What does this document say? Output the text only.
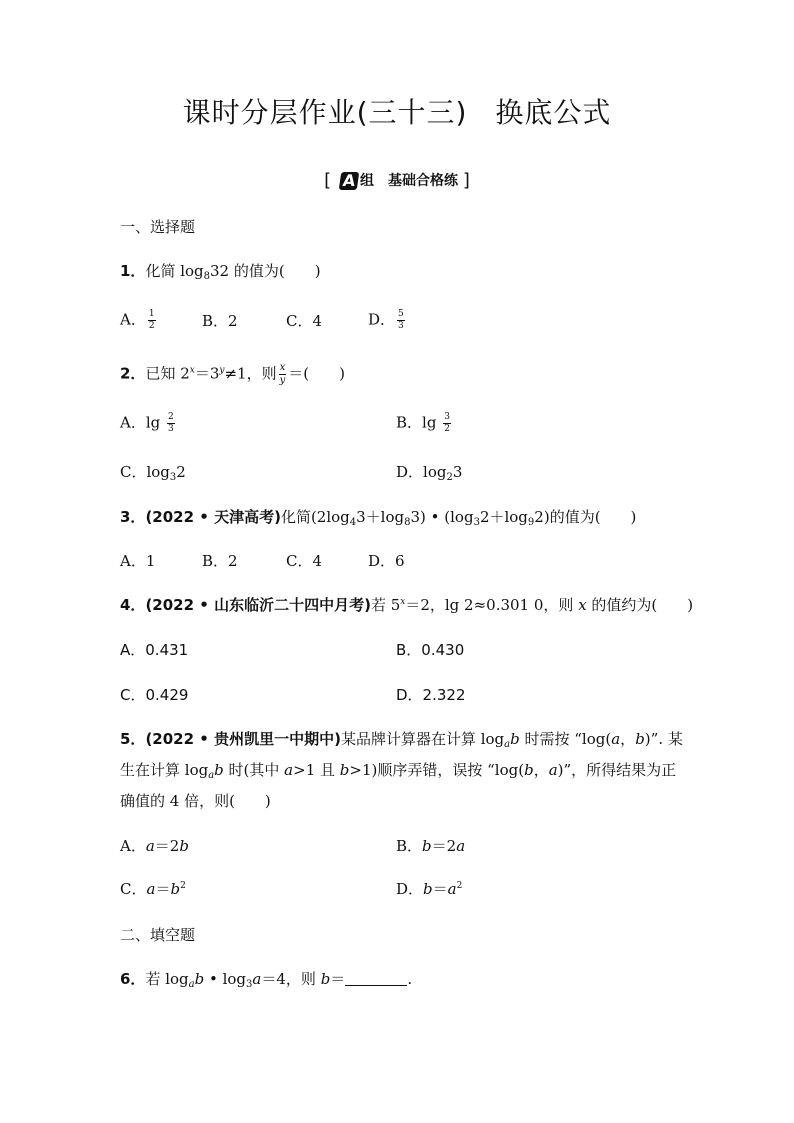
课时分层作业(三十三) 换底公式
[ A 组　基础合格练 ]
一、选择题
1．化简 $\log_832$ 的值为(　　)
A． $\frac{1}{2}$	B．2	C．4	D． $\frac{5}{3}$
2．已知 $2^x=3^y\ne 1$，则 $\frac{x}{y}$ ＝(　　)
A．$\lg \frac{2}{3}$	B．$\lg \frac{3}{2}$
C．$\log_32$	D．$\log_23$
3．(2022 • 天津高考)化简$(2\log_43+\log_83)$ • $(\log_32+\log_92)$的值为(　　)
A．1	B．2	C．4	D．6
4．(2022 • 山东临沂二十四中月考)若 $5^x=2$，lg 2≈0.301 0，则 x 的值约为(　　)
A．0.431	B．0.430
C．0.429	D．2.322
5．(2022 • 贵州凯里一中期中)某品牌计算器在计算 $\log_ab$ 时需按 “log(a，b)”. 某
生在计算 $\log_ab$ 时(其中 a>1 且 b>1)顺序弄错，误按 “log(b，a)”，所得结果为正
确值的 4 倍，则(　　)
A．a＝2b	B．b＝2a
C．$a=b^2$	D．$b=a^2$
二、填空题
6．若 $\log_ab$ • $\log_3a=4$，则 b＝	.
